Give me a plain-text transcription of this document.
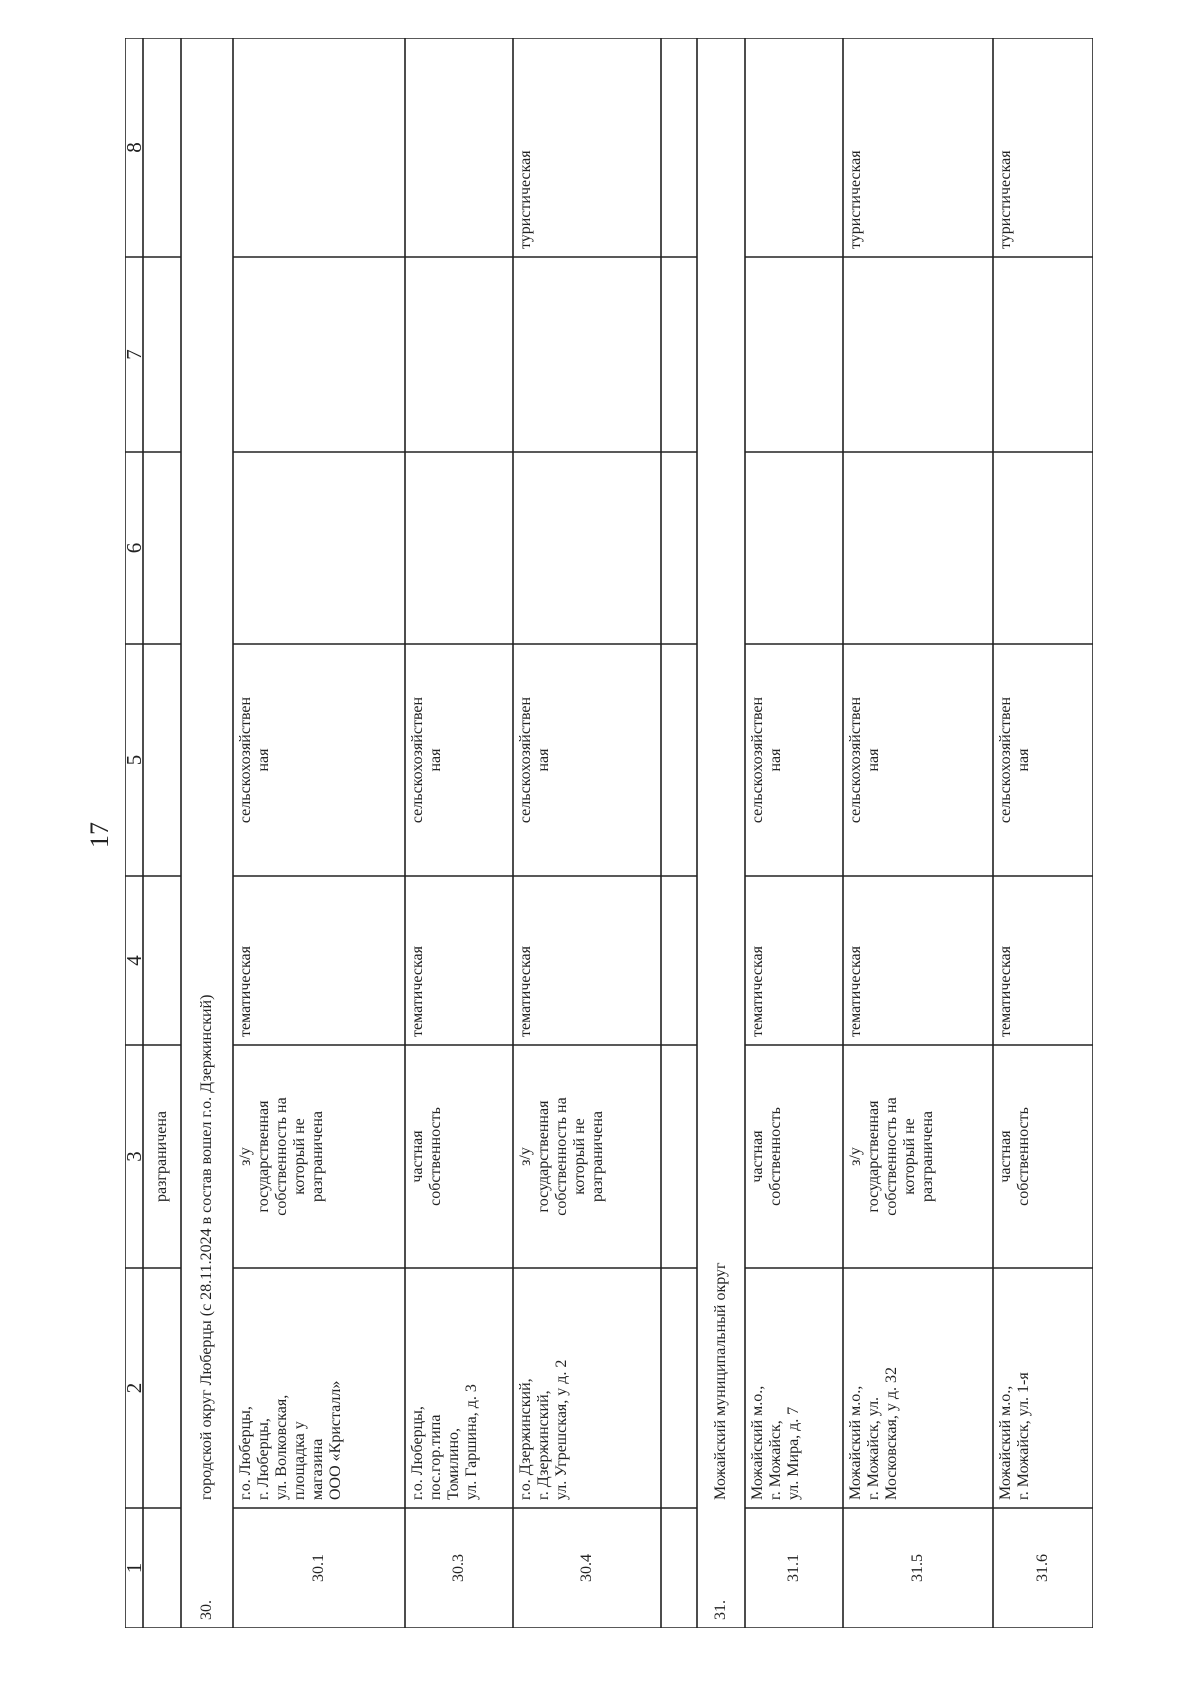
17
1
2
3
4
5
6
7
8
разграничена
30.
городской округ Люберцы (с 28.11.2024 в состав вошел г.о. Дзержинский)
30.1
г.о. Люберцы, г. Люберцы, ул. Волковская, площадка у магазина ООО «Кристалл»
з/у государственная собственность на который не разграничена
тематическая
сельскохозяйствен ная
30.3
г.о. Люберцы, пос.гор.типа Томилино, ул. Гаршина, д. 3
частная собственность
тематическая
сельскохозяйствен ная
30.4
г.о. Дзержинский, г. Дзержинский, ул. Угрешская, у д. 2
з/у государственная собственность на который не разграничена
тематическая
сельскохозяйствен ная
туристическая
31.
Можайский муниципальный округ
31.1
Можайский м.о., г. Можайск, ул. Мира, д. 7
частная собственность
тематическая
сельскохозяйствен ная
31.5
Можайский м.о., г. Можайск, ул. Московская, у д. 32
з/у государственная собственность на который не разграничена
тематическая
сельскохозяйствен ная
туристическая
31.6
Можайский м.о., г. Можайск, ул. 1-я
частная собственность
тематическая
сельскохозяйствен ная
туристическая
